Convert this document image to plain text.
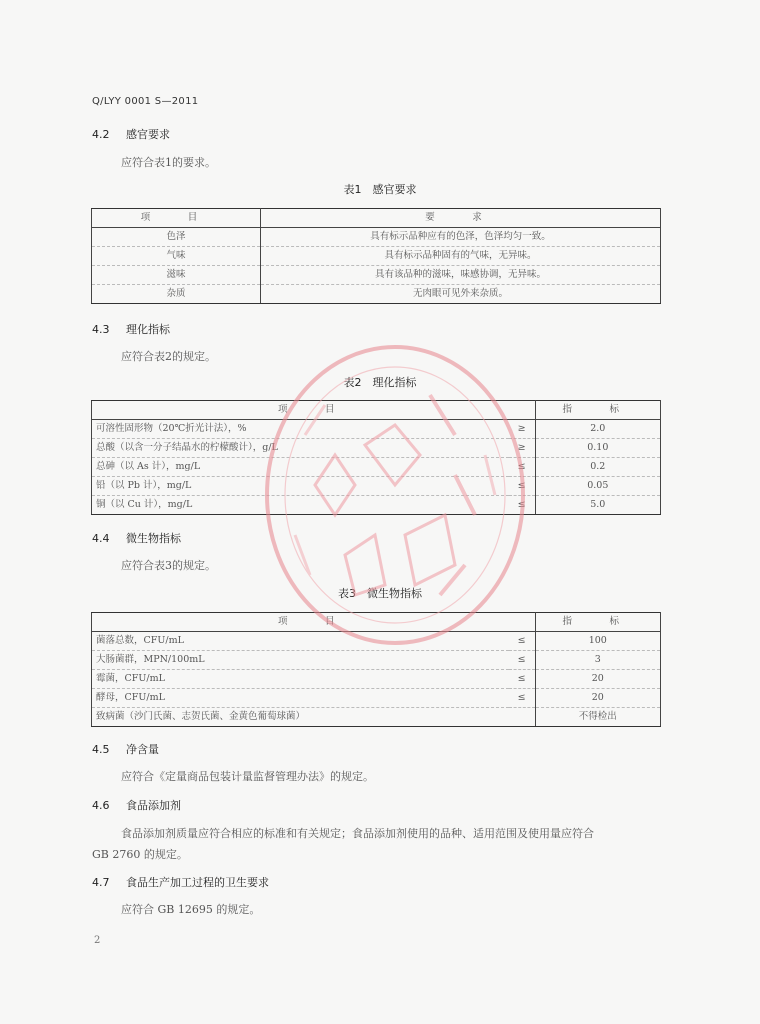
Q/LYY 0001 S—2011
4.2 感官要求
应符合表1的要求。
表1　感官要求
项　目	要　求
色泽	具有标示品种应有的色泽，色泽均匀一致。
气味	具有标示品种固有的气味，无异味。
滋味	具有该品种的滋味，味感协调，无异味。
杂质	无肉眼可见外来杂质。
4.3 理化指标
应符合表2的规定。
表2　理化指标
项　目		指　标
可溶性固形物（20℃折光计法），%	≥	2.0
总酸（以含一分子结晶水的柠檬酸计），g/L	≥	0.10
总砷（以 As 计），mg/L	≤	0.2
铅（以 Pb 计），mg/L	≤	0.05
铜（以 Cu 计），mg/L	≤	5.0
4.4 微生物指标
应符合表3的规定。
表3　微生物指标
项　目		指　标
菌落总数，CFU/mL	≤	100
大肠菌群，MPN/100mL	≤	3
霉菌，CFU/mL	≤	20
酵母，CFU/mL	≤	20
致病菌（沙门氏菌、志贺氏菌、金黄色葡萄球菌）		不得检出
4.5 净含量
应符合《定量商品包装计量监督管理办法》的规定。
4.6 食品添加剂
食品添加剂质量应符合相应的标准和有关规定；食品添加剂使用的品种、适用范围及使用量应符合
GB 2760 的规定。
4.7 食品生产加工过程的卫生要求
应符合 GB 12695 的规定。
2
